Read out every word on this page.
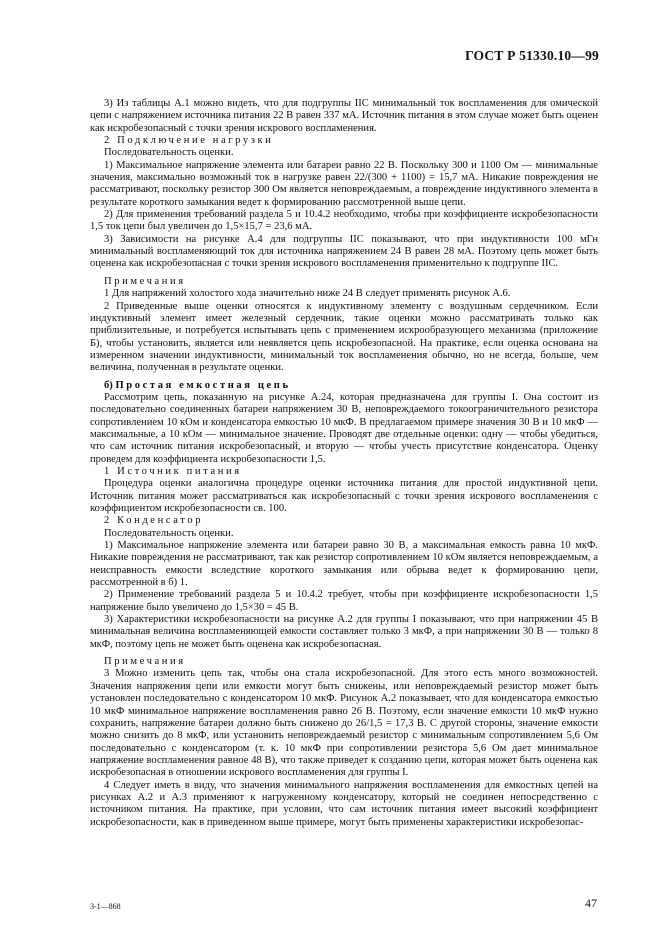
ГОСТ Р 51330.10—99

3) Из таблицы А.1 можно видеть, что для подгруппы IIС минимальный ток воспламенения для омической цепи с напряжением источника питания 22 В равен 337 мА. Источник питания в этом случае может быть оценен как искробезопасный с точки зрения искрового воспламенения.

2 Подключение нагрузки

Последовательность оценки.

1) Максимальное напряжение элемента или батареи равно 22 В. Поскольку 300 и 1100 Ом — минимальные значения, максимально возможный ток в нагрузке равен 22/(300 + 1100) = 15,7 мА. Никакие повреждения не рассматривают, поскольку резистор 300 Ом является неповреждаемым, а повреждение индуктивного элемента в результате короткого замыкания ведет к формированию рассмотренной выше цепи.

2) Для применения требований раздела 5 и 10.4.2 необходимо, чтобы при коэффициенте искробезопасности 1,5 ток цепи был увеличен до 1,5×15,7 = 23,6 мА.

3) Зависимости на рисунке А.4 для подгруппы IIС показывают, что при индуктивности 100 мГн минимальный воспламеняющий ток для источника напряжением 24 В равен 28 мА. Поэтому цепь может быть оценена как искробезопасная с точки зрения искрового воспламенения применительно к подгруппе IIС.

Примечания

1 Для напряжений холостого хода значительно ниже 24 В следует применять рисунок А.6.

2 Приведенные выше оценки относятся к индуктивному элементу с воздушным сердечником. Если индуктивный элемент имеет железный сердечник, такие оценки можно рассматривать только как приблизительные, и потребуется испытывать цепь с применением искрообразующего механизма (приложение Б), чтобы установить, является или неявляется цепь искробезопасной. На практике, если оценка основана на измеренном значении индуктивности, минимальный ток воспламенения обычно, но не всегда, больше, чем величина, полученная в результате оценки.

б) Простая емкостная цепь

Рассмотрим цепь, показанную на рисунке А.24, которая предназначена для группы I. Она состоит из последовательно соединенных батареи напряжением 30 В, неповреждаемого токоограничительного резистора сопротивлением 10 кОм и конденсатора емкостью 10 мкФ. В предлагаемом примере значения 30 В и 10 мкФ — максимальные, а 10 кОм — минимальное значение. Проводят две отдельные оценки: одну — чтобы убедиться, что сам источник питания искробезопасный, и вторую — чтобы учесть присутствие конденсатора. Оценку проведем для коэффициента искробезопасности 1,5.

1 Источник питания

Процедура оценки аналогична процедуре оценки источника питания для простой индуктивной цепи. Источник питания может рассматриваться как искробезопасный с точки зрения искрового воспламенения с коэффициентом искробезопасности св. 100.

2 Конденсатор

Последовательность оценки.

1) Максимальное напряжение элемента или батареи равно 30 В, а максимальная емкость равна 10 мкФ. Никакие повреждения не рассматривают, так как резистор сопротивлением 10 кОм является неповреждаемым, а неисправность емкости вследствие короткого замыкания или обрыва ведет к формированию цепи, рассмотренной в б) 1.

2) Применение требований раздела 5 и 10.4.2 требует, чтобы при коэффициенте искробезопасности 1,5 напряжение было увеличено до 1,5×30 = 45 В.

3) Характеристики искробезопасности на рисунке А.2 для группы I показывают, что при напряжении 45 В минимальная величина воспламеняющей емкости составляет только 3 мкФ, а при напряжении 30 В — только 8 мкФ, поэтому цепь не может быть оценена как искробезопасная.

Примечания

3 Можно изменить цепь так, чтобы она стала искробезопасной. Для этого есть много возможностей. Значения напряжения цепи или емкости могут быть снижены, или неповреждаемый резистор может быть установлен последовательно с конденсатором 10 мкФ. Рисунок А.2 показывает, что для конденсатора емкостью 10 мкФ минимальное напряжение воспламенения равно 26 В. Поэтому, если значение емкости 10 мкФ нужно сохранить, напряжение батареи должно быть снижено до 26/1,5 = 17,3 В. С другой стороны, значение емкости можно снизить до 8 мкФ, или установить неповреждаемый резистор с минимальным сопротивлением 5,6 Ом последовательно с конденсатором (т. к. 10 мкФ при сопротивлении резистора 5,6 Ом дает минимальное напряжение воспламенения равное 48 В), что также приведет к созданию цепи, которая может быть оценена как искробезопасная в отношении искрового воспламенения для группы I.

4 Следует иметь в виду, что значения минимального напряжения воспламенения для емкостных цепей на рисунках А.2 и А.3 применяют к нагруженному конденсатору, который не соединен непосредственно с источником питания. На практике, при условии, что сам источник питания имеет высокий коэффициент искробезопасности, как в приведенном выше примере, могут быть применены характеристики искробезопас-

3-1—868	47
